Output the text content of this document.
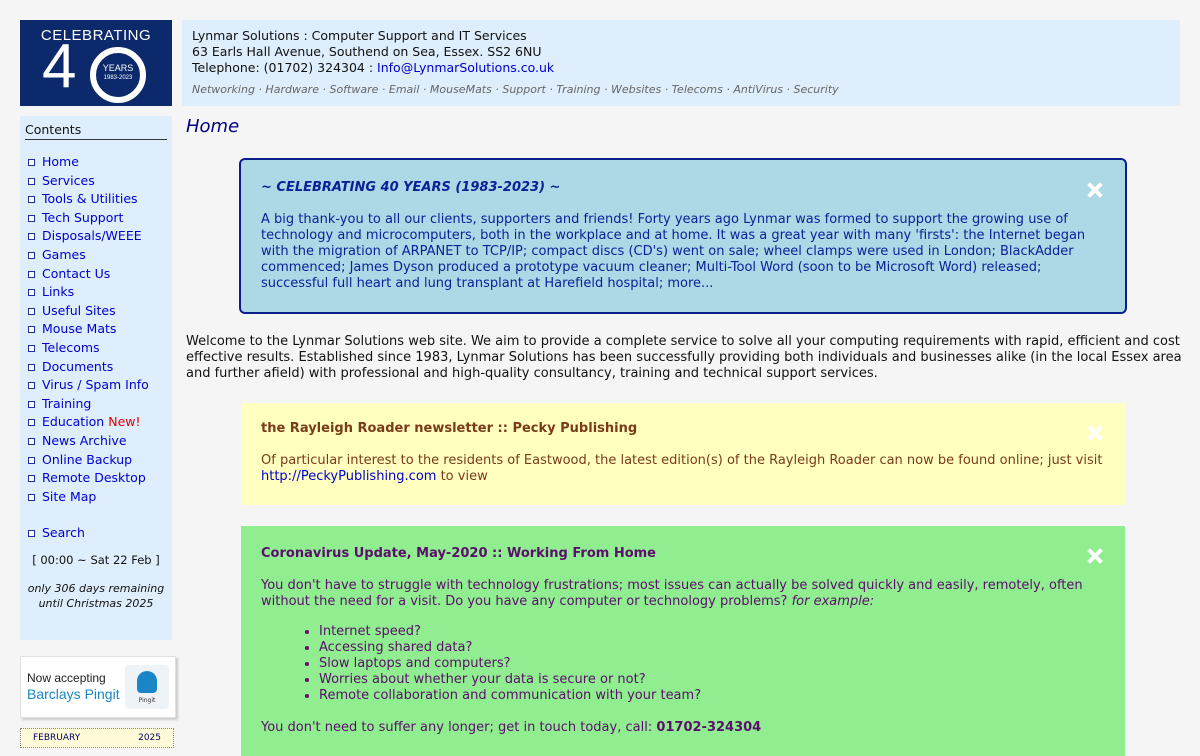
CELEBRATING
4	YEARS
1983-2023
Lynmar Solutions : Computer Support and IT Services
63 Earls Hall Avenue, Southend on Sea, Essex. SS2 6NU
Telephone: (01702) 324304 : Info@LynmarSolutions.co.uk
Networking · Hardware · Software · Email · MouseMats · Support · Training · Websites · Telecoms · AntiVirus · Security
Contents
Home
Services
Tools & Utilities
Tech Support
Disposals/WEEE
Games
Contact Us
Links
Useful Sites
Mouse Mats
Telecoms
Documents
Virus / Spam Info
Training
Education New!
News Archive
Online Backup
Remote Desktop
Site Map
Search
[ 00:00 ~ Sat 22 Feb ]
only 306 days remaining
until Christmas 2025
Now accepting
Barclays Pingit	Pingit
FEBRUARY	2025
Home
~ CELEBRATING 40 YEARS (1983-2023) ~
A big thank-you to all our clients, supporters and friends! Forty years ago Lynmar was formed to support the growing use of technology and microcomputers, both in the workplace and at home. It was a great year with many 'firsts': the Internet began with the migration of ARPANET to TCP/IP; compact discs (CD's) went on sale; wheel clamps were used in London; BlackAdder commenced; James Dyson produced a prototype vacuum cleaner; Multi-Tool Word (soon to be Microsoft Word) released; successful full heart and lung transplant at Harefield hospital; more...
Welcome to the Lynmar Solutions web site. We aim to provide a complete service to solve all your computing requirements with rapid, efficient and cost effective results. Established since 1983, Lynmar Solutions has been successfully providing both individuals and businesses alike (in the local Essex area and further afield) with professional and high-quality consultancy, training and technical support services.
the Rayleigh Roader newsletter :: Pecky Publishing
Of particular interest to the residents of Eastwood, the latest edition(s) of the Rayleigh Roader can now be found online; just visit http://PeckyPublishing.com to view
Coronavirus Update, May-2020 :: Working From Home
You don't have to struggle with technology frustrations; most issues can actually be solved quickly and easily, remotely, often without the need for a visit. Do you have any computer or technology problems? for example:
• Internet speed?
• Accessing shared data?
• Slow laptops and computers?
• Worries about whether your data is secure or not?
• Remote collaboration and communication with your team?
You don't need to suffer any longer; get in touch today, call: 01702-324304
